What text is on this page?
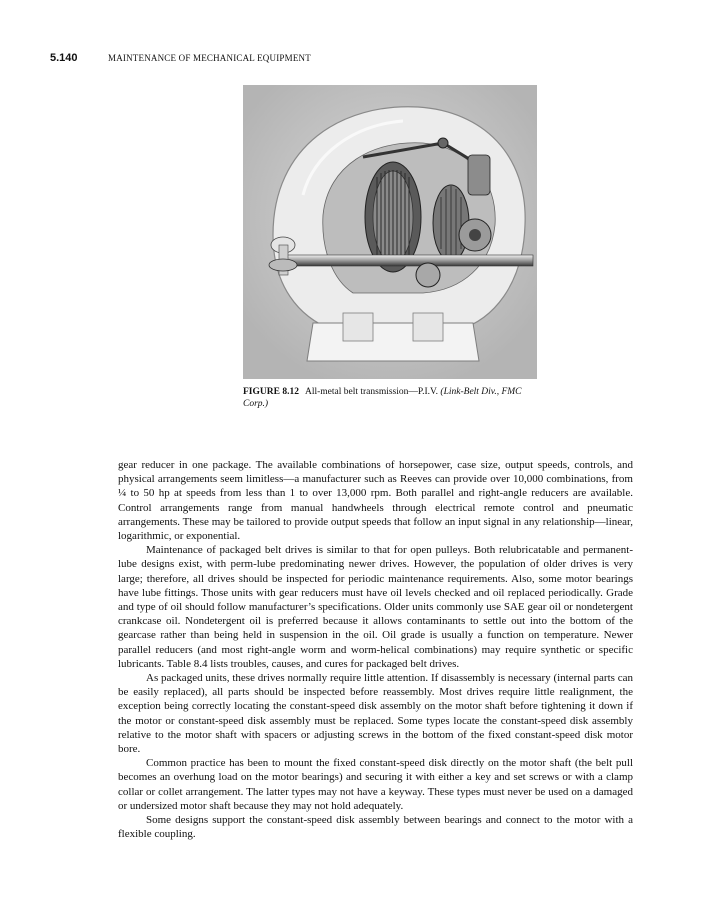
5.140	MAINTENANCE OF MECHANICAL EQUIPMENT
FIGURE 8.12 All-metal belt transmission—P.I.V. (Link-Belt Div., FMC Corp.)

gear reducer in one package. The available combinations of horsepower, case size, output speeds, controls, and physical arrangements seem limitless—a manufacturer such as Reeves can provide over 10,000 combinations, from ¼ to 50 hp at speeds from less than 1 to over 13,000 rpm. Both parallel and right-angle reducers are available. Control arrangements range from manual handwheels through electrical remote control and pneumatic arrangements. These may be tailored to provide output speeds that follow an input signal in any relationship—linear, logarithmic, or exponential.

Maintenance of packaged belt drives is similar to that for open pulleys. Both relubricatable and permanent-lube designs exist, with perm-lube predominating newer drives. However, the population of older drives is very large; therefore, all drives should be inspected for periodic maintenance requirements. Also, some motor bearings have lube fittings. Those units with gear reducers must have oil levels checked and oil replaced periodically. Grade and type of oil should follow manufacturer’s specifications. Older units commonly use SAE gear oil or nondetergent crankcase oil. Nondetergent oil is preferred because it allows contaminants to settle out into the bottom of the gearcase rather than being held in suspension in the oil. Oil grade is usually a function on temperature. Newer parallel reducers (and most right-angle worm and worm-helical combinations) may require synthetic or specific lubricants. Table 8.4 lists troubles, causes, and cures for packaged belt drives.

As packaged units, these drives normally require little attention. If disassembly is necessary (internal parts can be easily replaced), all parts should be inspected before reassembly. Most drives require little realignment, the exception being correctly locating the constant-speed disk assembly on the motor shaft before tightening it down if the motor or constant-speed disk assembly must be replaced. Some types locate the constant-speed disk assembly relative to the motor shaft with spacers or adjusting screws in the bottom of the fixed constant-speed disk motor bore.

Common practice has been to mount the fixed constant-speed disk directly on the motor shaft (the belt pull becomes an overhung load on the motor bearings) and securing it with either a key and set screws or with a clamp collar or collet arrangement. The latter types may not have a keyway. These types must never be used on a damaged or undersized motor shaft because they may not hold adequately.

Some designs support the constant-speed disk assembly between bearings and connect to the motor with a flexible coupling.
